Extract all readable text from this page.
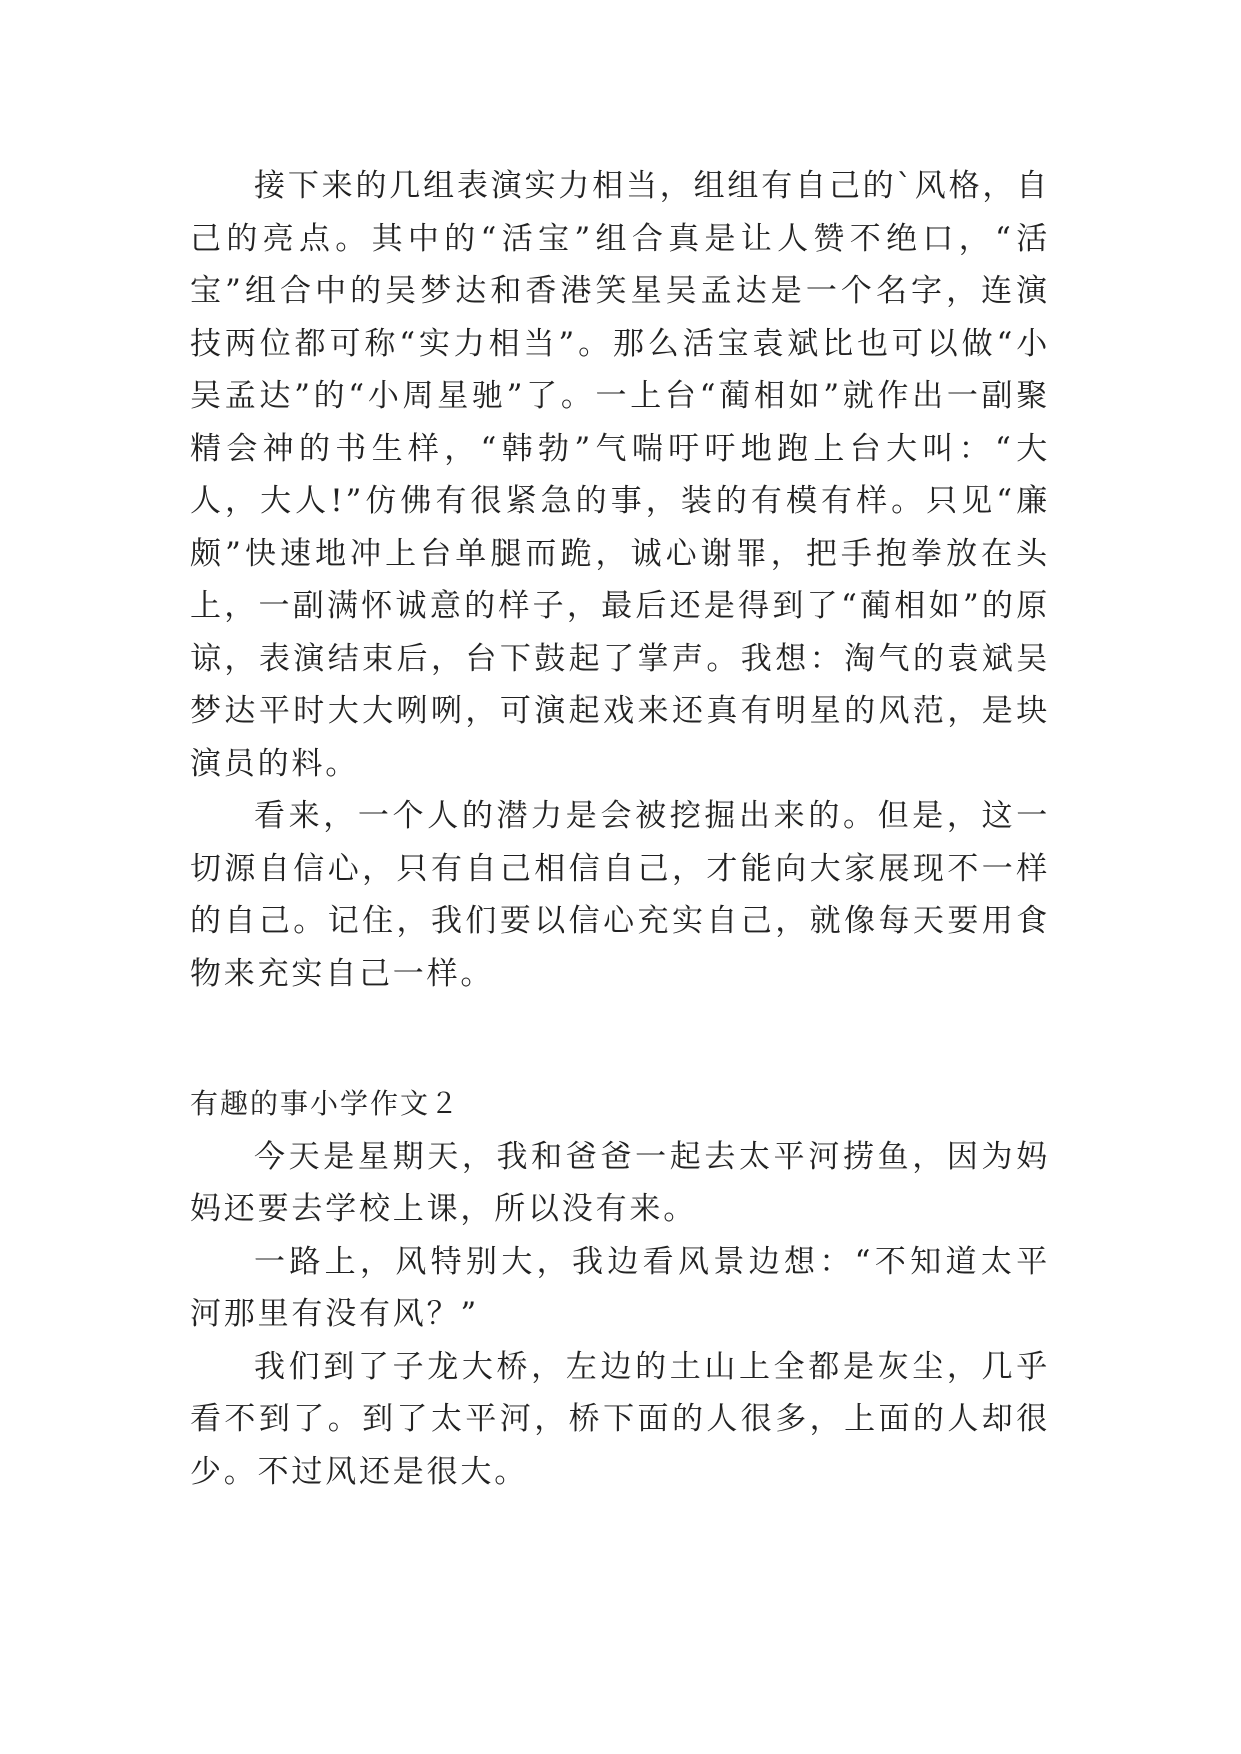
接下来的几组表演实力相当，组组有自己的`风格，自己的亮点。其中的“活宝”组合真是让人赞不绝口，“活宝”组合中的吴梦达和香港笑星吴孟达是一个名字，连演技两位都可称“实力相当”。那么活宝袁斌比也可以做“小吴孟达”的“小周星驰”了。一上台“蔺相如”就作出一副聚精会神的书生样，“韩勃”气喘吁吁地跑上台大叫：“大人，大人!”仿佛有很紧急的事，装的有模有样。只见“廉颇”快速地冲上台单腿而跪，诚心谢罪，把手抱拳放在头上，一副满怀诚意的样子，最后还是得到了“蔺相如”的原谅，表演结束后，台下鼓起了掌声。我想：淘气的袁斌吴梦达平时大大咧咧，可演起戏来还真有明星的风范，是块演员的料。

看来，一个人的潜力是会被挖掘出来的。但是，这一切源自信心，只有自己相信自己，才能向大家展现不一样的自己。记住，我们要以信心充实自己，就像每天要用食物来充实自己一样。

有趣的事小学作文２

今天是星期天，我和爸爸一起去太平河捞鱼，因为妈妈还要去学校上课，所以没有来。

一路上，风特别大，我边看风景边想：“不知道太平河那里有没有风？”

我们到了子龙大桥，左边的土山上全都是灰尘，几乎看不到了。到了太平河，桥下面的人很多，上面的人却很少。不过风还是很大。
